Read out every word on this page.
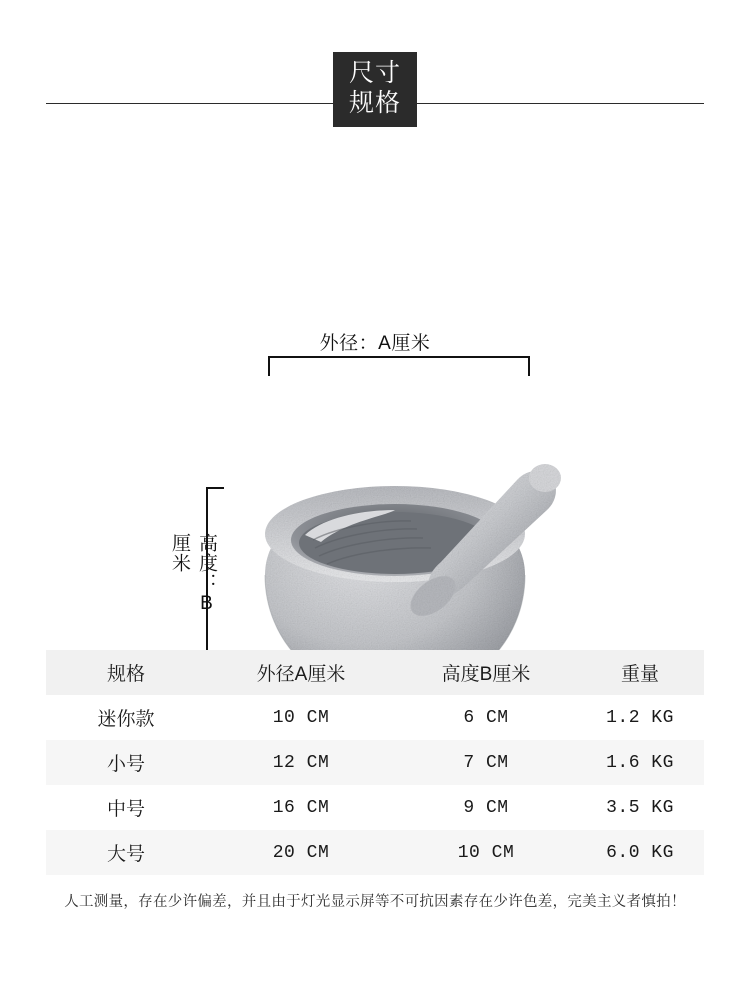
尺寸
规格
外径：A厘米
高度：B厘米
规格	外径A厘米	高度B厘米	重量
迷你款	10 CM	6 CM	1.2 KG
小号	12 CM	7 CM	1.6 KG
中号	16 CM	9 CM	3.5 KG
大号	20 CM	10 CM	6.0 KG
人工测量，存在少许偏差，并且由于灯光显示屏等不可抗因素存在少许色差，完美主义者慎拍！
